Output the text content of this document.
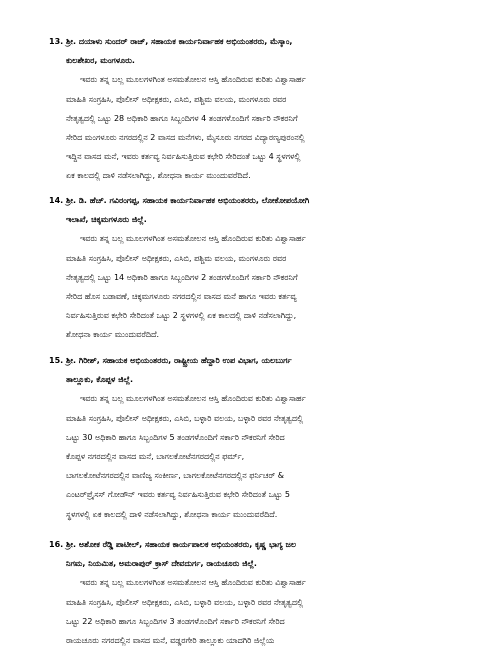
13. ಶ್ರೀ. ದಯಾಳು ಸುಂದರ್ ರಾಜ್, ಸಹಾಯಕ ಕಾರ್ಯನಿರ್ವಾಹಕ ಅಭಿಯಂತರರು, ಮೆಸ್ಕಾಂ,
ಕುಲಶೇಖರ, ಮಂಗಳೂರು.
ಇವರು ತನ್ನ ಬಲ್ಲ ಮೂಲಗಳಗಿಂತ ಅಸಮತೋಲನ ಆಸ್ತಿ ಹೊಂದಿರುವ ಕುರಿತು ವಿಶ್ವಾಸಾರ್ಹ
ಮಾಹಿತಿ ಸಂಗ್ರಹಿಸಿ, ಪೊಲೀಸ್ ಅಧೀಕ್ಷಕರು, ಎಸಿಬಿ, ಪಶ್ಚಿಮ ವಲಯ, ಮಂಗಳೂರು ರವರ
ನೇತೃತ್ವದಲ್ಲಿ ಒಟ್ಟು 28 ಅಧಿಕಾರಿ ಹಾಗೂ ಸಿಬ್ಬಂದಿಗಳ 4 ತಂಡಗಳೊಂದಿಗೆ ಸರ್ಕಾರಿ ನೌಕರನಿಗೆ
ಸೇರಿದ ಮಂಗಳೂರು ನಗರದಲ್ಲಿನ 2 ವಾಸದ ಮನೆಗಳು, ಮೈಸೂರು ನಗರದ ವಿದ್ಯಾರಣ್ಯಪುರಂನಲ್ಲಿ
ಇದ್ದಿನ ವಾಸದ ಮನೆ, ಇವರು ಕರ್ತವ್ಯ ನಿರ್ವಹಿಸುತ್ತಿರುವ ಕಛೇರಿ ಸೇರಿದಂತೆ ಒಟ್ಟು 4 ಸ್ಥಳಗಳಲ್ಲಿ
ಏಕ ಕಾಲದಲ್ಲಿ ದಾಳಿ ನಡೆಸಲಾಗಿದ್ದು, ಶೋಧನಾ ಕಾರ್ಯ ಮುಂದುವರೆದಿದೆ.
14. ಶ್ರೀ. ಡಿ. ಹೆಚ್. ಗವಿರಂಗಪ್ಪ, ಸಹಾಯಕ ಕಾರ್ಯನಿರ್ವಾಹಕ ಅಭಿಯಂತರರು, ಲೋಕೋಪಯೋಗಿ
ಇಲಾಖೆ, ಚಿಕ್ಕಮಗಳೂರು ಜಿಲ್ಲೆ.
ಇವರು ತನ್ನ ಬಲ್ಲ ಮೂಲಗಳಗಿಂತ ಅಸಮತೋಲನ ಆಸ್ತಿ ಹೊಂದಿರುವ ಕುರಿತು ವಿಶ್ವಾಸಾರ್ಹ
ಮಾಹಿತಿ ಸಂಗ್ರಹಿಸಿ, ಪೊಲೀಸ್ ಅಧೀಕ್ಷಕರು, ಎಸಿಬಿ, ಪಶ್ಚಿಮ ವಲಯ, ಮಂಗಳೂರು ರವರ
ನೇತೃತ್ವದಲ್ಲಿ ಒಟ್ಟು 14 ಅಧಿಕಾರಿ ಹಾಗೂ ಸಿಬ್ಬಂದಿಗಳ 2 ತಂಡಗಳೊಂದಿಗೆ ಸರ್ಕಾರಿ ನೌಕರನಿಗೆ
ಸೇರಿದ ಹೊಸ ಬಡಾವಣೆ, ಚಿಕ್ಕಮಗಳೂರು ನಗರದಲ್ಲಿನ ವಾಸದ ಮನೆ ಹಾಗೂ ಇವರು ಕರ್ತವ್ಯ
ನಿರ್ವಹಿಸುತ್ತಿರುವ ಕಛೇರಿ ಸೇರಿದಂತೆ ಒಟ್ಟು 2 ಸ್ಥಳಗಳಲ್ಲಿ ಏಕ ಕಾಲದಲ್ಲಿ ದಾಳಿ ನಡೆಸಲಾಗಿದ್ದು,
ಶೋಧನಾ ಕಾರ್ಯ ಮುಂದುವರೆದಿದೆ.
15. ಶ್ರೀ. ಗಿರೀಶ್, ಸಹಾಯಕ ಅಭಿಯಂತರರು, ರಾಷ್ಟ್ರೀಯ ಹೆದ್ದಾರಿ ಉಪ ವಿಭಾಗ, ಯಲಬುರ್ಗ
ತಾಲ್ಲೂಕು, ಕೊಪ್ಪಳ ಜಿಲ್ಲೆ.
ಇವರು ತನ್ನ ಬಲ್ಲ ಮೂಲಗಳಗಿಂತ ಅಸಮತೋಲನ ಆಸ್ತಿ ಹೊಂದಿರುವ ಕುರಿತು ವಿಶ್ವಾಸಾರ್ಹ
ಮಾಹಿತಿ ಸಂಗ್ರಹಿಸಿ, ಪೊಲೀಸ್ ಅಧೀಕ್ಷಕರು, ಎಸಿಬಿ, ಬಳ್ಳಾರಿ ವಲಯ, ಬಳ್ಳಾರಿ ರವರ ನೇತೃತ್ವದಲ್ಲಿ
ಒಟ್ಟು 30 ಅಧಿಕಾರಿ ಹಾಗೂ ಸಿಬ್ಬಂದಿಗಳ 5 ತಂಡಗಳೊಂದಿಗೆ ಸರ್ಕಾರಿ ನೌಕರನಿಗೆ ಸೇರಿದ
ಕೊಪ್ಪಳ ನಗರದಲ್ಲಿನ ವಾಸದ ಮನೆ, ಬಾಗಲಕೋಟೆನಗರದಲ್ಲಿನ ಫರ್ಮ್,
ಬಾಗಲಕೋಟೆನಗರದಲ್ಲಿನ ವಾಣಿಜ್ಯ ಸಂಕೀರ್ಣ, ಬಾಗಲಕೋಟೆನಗರದಲ್ಲಿನ ಫರ್ನಿಚರ್ &
ಎಂಟರ್‌ಪ್ರೈಸಸ್ ಗೋಡೌನ್ ಇವರು ಕರ್ತವ್ಯ ನಿರ್ವಹಿಸುತ್ತಿರುವ ಕಛೇರಿ ಸೇರಿದಂತೆ ಒಟ್ಟು 5
ಸ್ಥಳಗಳಲ್ಲಿ ಏಕ ಕಾಲದಲ್ಲಿ ದಾಳಿ ನಡೆಸಲಾಗಿದ್ದು, ಶೋಧನಾ ಕಾರ್ಯ ಮುಂದುವರೆದಿದೆ.
16. ಶ್ರೀ. ಅಶೋಕ ರೆಡ್ಡಿ ಪಾಟೀಲ್, ಸಹಾಯಕ ಕಾರ್ಯಪಾಲಕ ಅಭಿಯಂತರರು, ಕೃಷ್ಣ ಭಾಗ್ಯ ಜಲ
ನಿಗಮ, ನಿಯಮಿತ, ಅಮರಾಪುರ್ ಕ್ರಾಸ್ ದೇವದುರ್ಗ, ರಾಯಚೂರು ಜಿಲ್ಲೆ.
ಇವರು ತನ್ನ ಬಲ್ಲ ಮೂಲಗಳಗಿಂತ ಅಸಮತೋಲನ ಆಸ್ತಿ ಹೊಂದಿರುವ ಕುರಿತು ವಿಶ್ವಾಸಾರ್ಹ
ಮಾಹಿತಿ ಸಂಗ್ರಹಿಸಿ, ಪೊಲೀಸ್ ಅಧೀಕ್ಷಕರು, ಎಸಿಬಿ, ಬಳ್ಳಾರಿ ವಲಯ, ಬಳ್ಳಾರಿ ರವರ ನೇತೃತ್ವದಲ್ಲಿ
ಒಟ್ಟು 22 ಅಧಿಕಾರಿ ಹಾಗೂ ಸಿಬ್ಬಂದಿಗಳ 3 ತಂಡಗಳೊಂದಿಗೆ ಸರ್ಕಾರಿ ನೌಕರನಿಗೆ ಸೇರಿದ
ರಾಯಚೂರು ನಗರದಲ್ಲಿನ ವಾಸದ ಮನೆ, ವಡ್ಡರಗೇರಿ ತಾಲ್ಲೂಕು ಯಾದಗಿರಿ ಜಿಲ್ಲೆಯ
